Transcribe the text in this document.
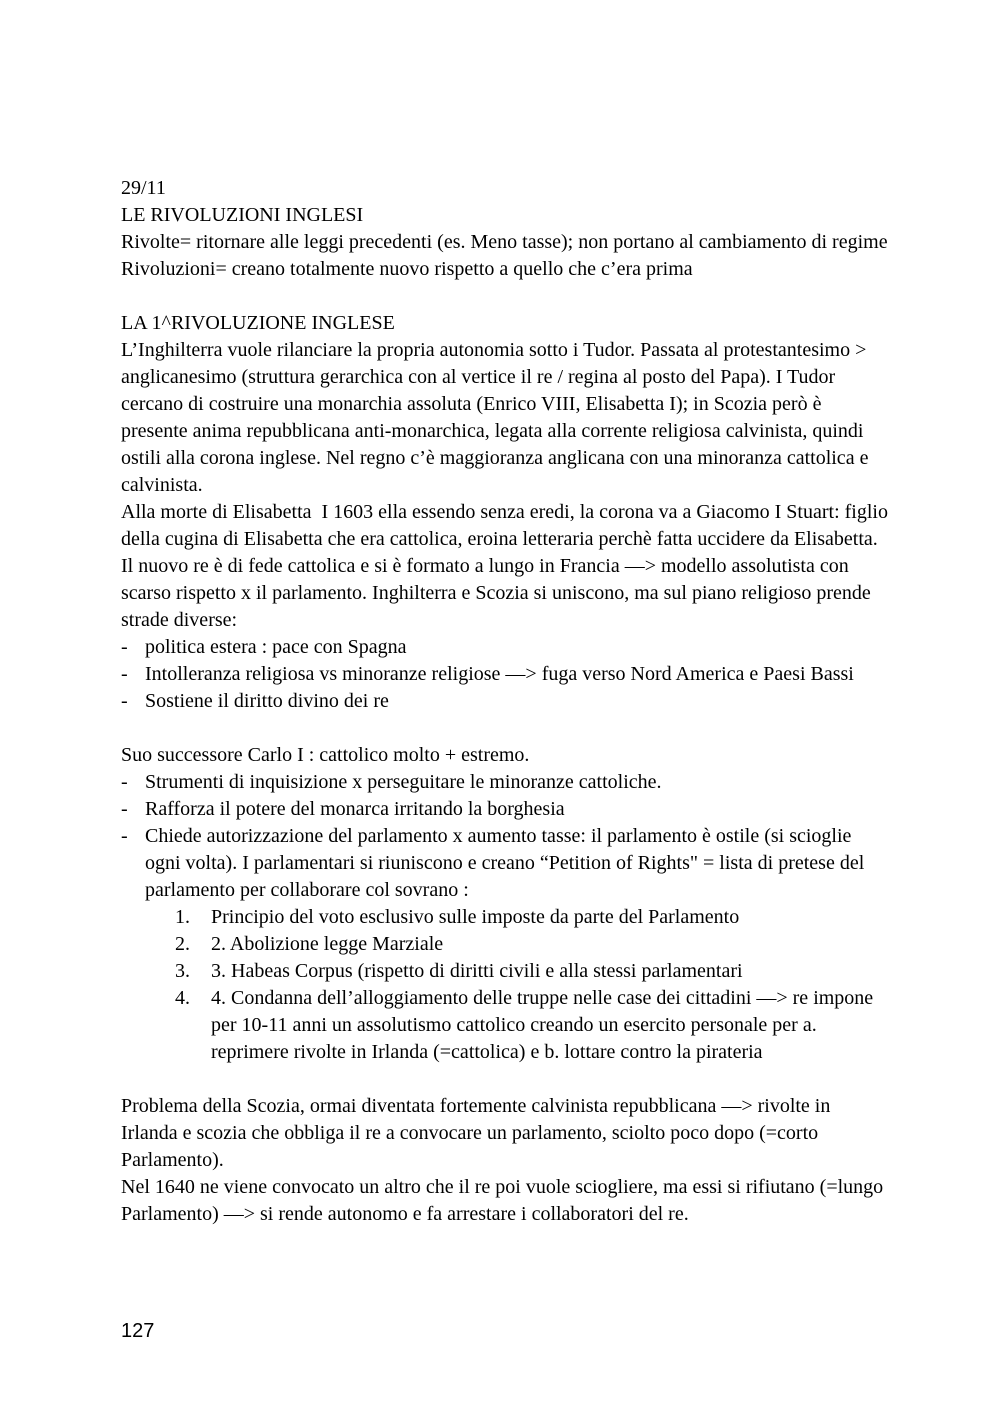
29/11
LE RIVOLUZIONI INGLESI
Rivolte= ritornare alle leggi precedenti (es. Meno tasse); non portano al cambiamento di regime
Rivoluzioni= creano totalmente nuovo rispetto a quello che c’era prima
LA 1^RIVOLUZIONE INGLESE
L’Inghilterra vuole rilanciare la propria autonomia sotto i Tudor. Passata al protestantesimo > anglicanesimo (struttura gerarchica con al vertice il re / regina al posto del Papa). I Tudor cercano di costruire una monarchia assoluta (Enrico VIII, Elisabetta I); in Scozia però è presente anima repubblicana anti-monarchica, legata alla corrente religiosa calvinista, quindi ostili alla corona inglese. Nel regno c’è maggioranza anglicana con una minoranza cattolica e calvinista.
Alla morte di Elisabetta  I 1603 ella essendo senza eredi, la corona va a Giacomo I Stuart: figlio della cugina di Elisabetta che era cattolica, eroina letteraria perchè fatta uccidere da Elisabetta. Il nuovo re è di fede cattolica e si è formato a lungo in Francia —> modello assolutista con scarso rispetto x il parlamento. Inghilterra e Scozia si uniscono, ma sul piano religioso prende strade diverse:
- politica estera : pace con Spagna
- Intolleranza religiosa vs minoranze religiose —> fuga verso Nord America e Paesi Bassi
- Sostiene il diritto divino dei re
Suo successore Carlo I : cattolico molto + estremo.
- Strumenti di inquisizione x perseguitare le minoranze cattoliche.
- Rafforza il potere del monarca irritando la borghesia
- Chiede autorizzazione del parlamento x aumento tasse: il parlamento è ostile (si scioglie ogni volta). I parlamentari si riuniscono e creano “Petition of Rights" = lista di pretese del parlamento per collaborare col sovrano :
1. Principio del voto esclusivo sulle imposte da parte del Parlamento
2. 2. Abolizione legge Marziale
3. 3. Habeas Corpus (rispetto di diritti civili e alla stessi parlamentari
4. 4. Condanna dell’alloggiamento delle truppe nelle case dei cittadini —> re impone per 10-11 anni un assolutismo cattolico creando un esercito personale per a. reprimere rivolte in Irlanda (=cattolica) e b. lottare contro la pirateria
Problema della Scozia, ormai diventata fortemente calvinista repubblicana —> rivolte in Irlanda e scozia che obbliga il re a convocare un parlamento, sciolto poco dopo (=corto Parlamento).
Nel 1640 ne viene convocato un altro che il re poi vuole sciogliere, ma essi si rifiutano (=lungo Parlamento) —> si rende autonomo e fa arrestare i collaboratori del re.
127
